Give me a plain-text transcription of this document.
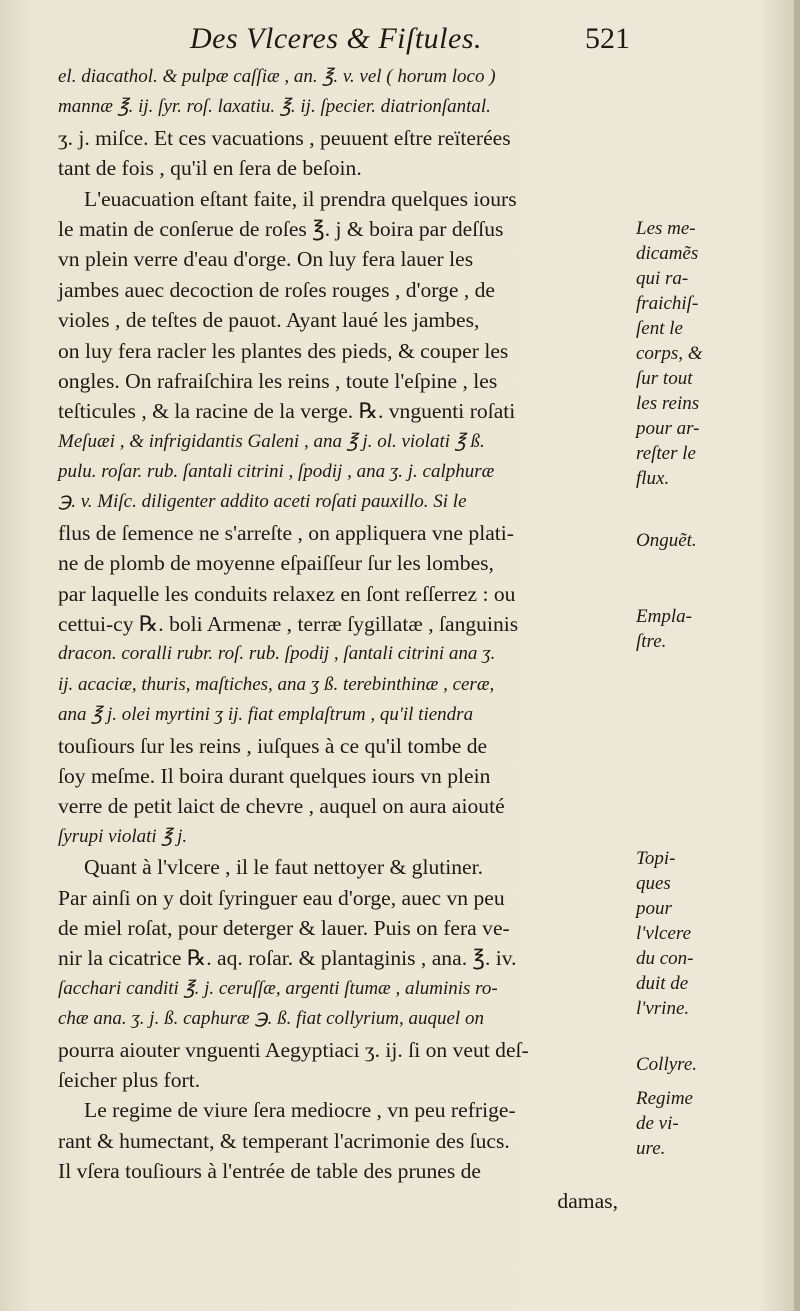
Des Vlceres & Fiſtules.	521
el. diacathol. & pulpæ caſſiæ , an. ℥. v. vel ( horum loco )
mannæ ℥. ij. ſyr. roſ. laxatiu. ℥. ij. ſpecier. diatrionſantal.
ʒ. j. miſce. Et ces vacuations , peuuent eſtre reïterées
tant de fois , qu'il en ſera de beſoin.
L'euacuation eſtant faite, il prendra quelques iours
le matin de conſerue de roſes ℥. j & boira par deſſus
vn plein verre d'eau d'orge. On luy fera lauer les
jambes auec decoction de roſes rouges , d'orge , de
violes , de teſtes de pauot. Ayant laué les jambes,
on luy fera racler les plantes des pieds, & couper les
ongles. On rafraiſchira les reins , toute l'eſpine , les
teſticules , & la racine de la verge. ℞. vnguenti roſati
Meſuæi , & infrigidantis Galeni , ana ℥ j. ol. violati ℥ ß.
pulu. roſar. rub. ſantali citrini , ſpodij , ana ʒ. j. calphuræ
℈. v. Miſc. diligenter addito aceti roſati pauxillo. Si le
flus de ſemence ne s'arreſte , on appliquera vne plati-
ne de plomb de moyenne eſpaiſſeur ſur les lombes,
par laquelle les conduits relaxez en ſont reſſerrez : ou
cettui-cy ℞. boli Armenæ , terræ ſygillatæ , ſanguinis
dracon. coralli rubr. roſ. rub. ſpodij , ſantali citrini ana ʒ.
ij. acaciæ, thuris, maſtiches, ana ʒ ß. terebinthinæ , ceræ,
ana ℥ j. olei myrtini ʒ ij. fiat emplaſtrum , qu'il tiendra
touſiours ſur les reins , iuſques à ce qu'il tombe de
ſoy meſme. Il boira durant quelques iours vn plein
verre de petit laict de chevre , auquel on aura aiouté
ſyrupi violati ℥ j.
Quant à l'vlcere , il le faut nettoyer & glutiner.
Par ainſi on y doit ſyringuer eau d'orge, auec vn peu
de miel roſat, pour deterger & lauer. Puis on fera ve-
nir la cicatrice ℞. aq. roſar. & plantaginis , ana. ℥. iv.
ſacchari canditi ℥. j. ceruſſæ, argenti ſtumæ , aluminis ro-
chæ ana. ʒ. j. ß. caphuræ ℈. ß. fiat collyrium, auquel on
pourra aiouter vnguenti Aegyptiaci ʒ. ij. ſi on veut deſ-
ſeicher plus fort.
Le regime de viure ſera mediocre , vn peu refrige-
rant & humectant, & temperant l'acrimonie des ſucs.
Il vſera touſiours à l'entrée de table des prunes de
damas,
Les me-
dicamẽs
qui ra-
fraichiſ-
ſent le
corps, &
ſur tout
les reins
pour ar-
reſter le
flux.
Onguẽt.
Empla-
ſtre.
Topi-
ques
pour
l'vlcere
du con-
duit de
l'vrine.
Collyre.
Regime
de vi-
ure.
